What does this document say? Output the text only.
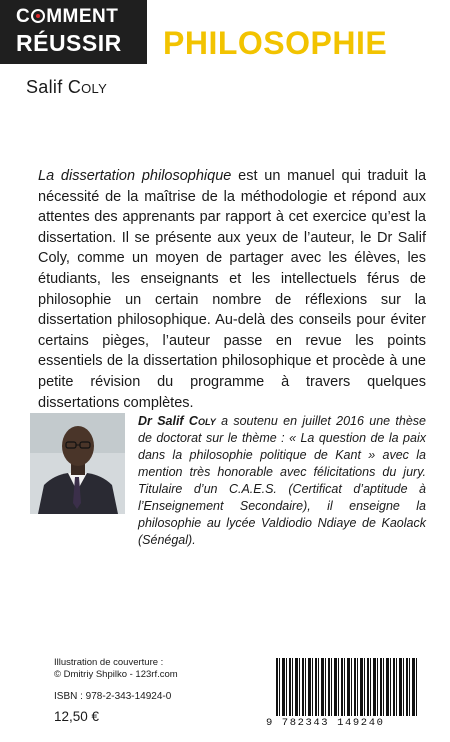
C MMENT
RÉUSSIR PHILOSOPHIE
Salif Coly

La dissertation philosophique est un manuel qui traduit la nécessité de la maîtrise de la méthodologie et répond aux attentes des apprenants par rapport à cet exercice qu’est la dissertation. Il se présente aux yeux de l’auteur, le Dr Salif Coly, comme un moyen de partager avec les élèves, les étudiants, les enseignants et les intellectuels férus de philosophie un certain nombre de réflexions sur la dissertation philosophique. Au-delà des conseils pour éviter certains pièges, l’auteur passe en revue les points essentiels de la dissertation philosophique et procède à une petite révision du programme à travers quelques dissertations complètes.

Dr Salif Coly a soutenu en juillet 2016 une thèse de doctorat sur le thème : « La question de la paix dans la philosophie politique de Kant » avec la mention très honorable avec félicitations du jury. Titulaire d’un C.A.E.S. (Certificat d’aptitude à l’Enseignement Secondaire), il enseigne la philosophie au lycée Valdiodio Ndiaye de Kaolack (Sénégal).

Illustration de couverture :
© Dmitriy Shpilko - 123rf.com
ISBN : 978-2-343-14924-0
12,50 €	9 782343 149240
